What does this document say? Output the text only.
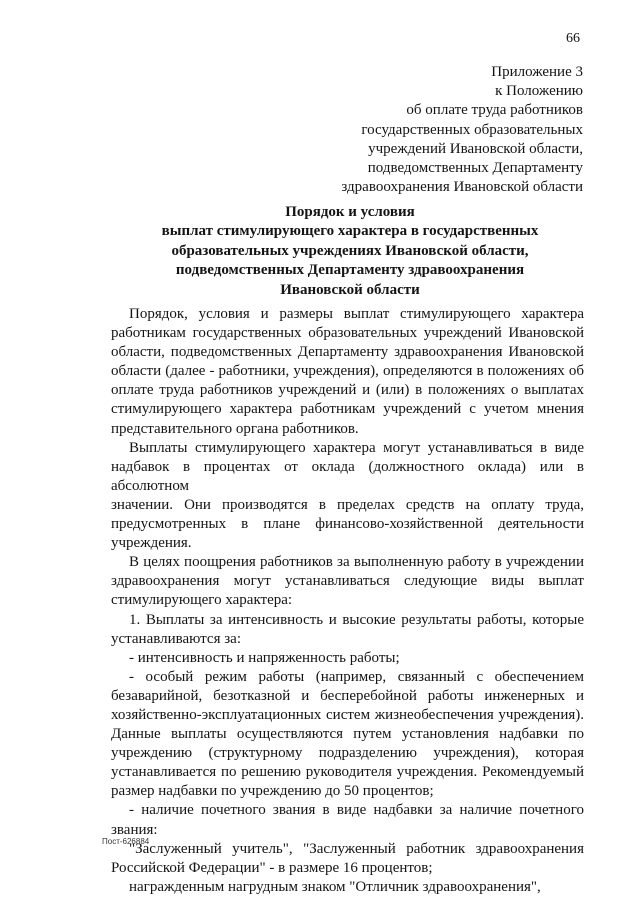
66
Приложение 3
к Положению
об оплате труда работников
государственных образовательных
учреждений Ивановской области,
подведомственных Департаменту
здравоохранения Ивановской области
Порядок и условия
выплат стимулирующего характера в государственных
образовательных учреждениях Ивановской области,
подведомственных Департаменту здравоохранения
Ивановской области
Порядок, условия и размеры выплат стимулирующего характера
работникам государственных образовательных учреждений Ивановской
области, подведомственных Департаменту здравоохранения Ивановской
области (далее - работники, учреждения), определяются в положениях об
оплате труда работников учреждений и (или) в положениях о выплатах
стимулирующего характера работникам учреждений с учетом мнения
представительного органа работников.
Выплаты стимулирующего характера могут устанавливаться в виде
надбавок в процентах от оклада (должностного оклада) или в абсолютном
значении. Они производятся в пределах средств на оплату труда,
предусмотренных в плане финансово-хозяйственной деятельности
учреждения.
В целях поощрения работников за выполненную работу в учреждении
здравоохранения могут устанавливаться следующие виды выплат
стимулирующего характера:
1. Выплаты за интенсивность и высокие результаты работы, которые
устанавливаются за:
- интенсивность и напряженность работы;
- особый режим работы (например, связанный с обеспечением
безаварийной, безотказной и бесперебойной работы инженерных и
хозяйственно-эксплуатационных систем жизнеобеспечения учреждения).
Данные выплаты осуществляются путем установления надбавки по
учреждению (структурному подразделению учреждения), которая
устанавливается по решению руководителя учреждения. Рекомендуемый
размер надбавки по учреждению до 50 процентов;
- наличие почетного звания в виде надбавки за наличие почетного
звания:
"Заслуженный учитель", "Заслуженный работник здравоохранения
Российской Федерации" - в размере 16 процентов;
награжденным нагрудным знаком "Отличник здравоохранения",
Пост-626884
